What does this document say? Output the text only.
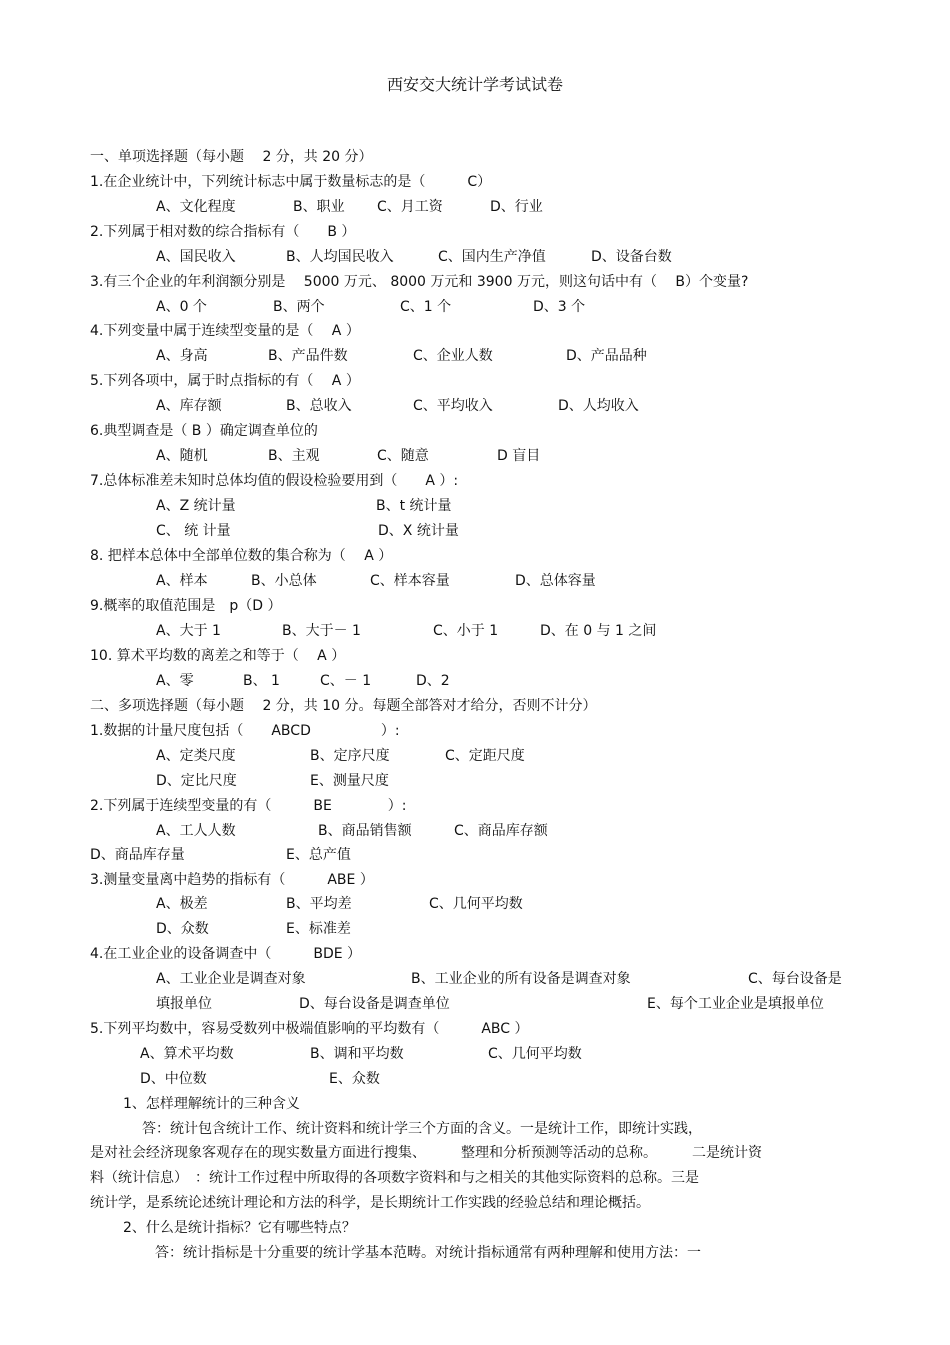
西安交大统计学考试试卷
一、单项选择题（每小题　 2 分，共 20 分）
1.在企业统计中，下列统计标志中属于数量标志的是（　　　C）
A、文化程度	B、职业 C、月工资	D、行业
2.下列属于相对数的综合指标有（　　B ）
A、国民收入	B、人均国民收入	C、国内生产净值	D、设备台数
3.有三个企业的年利润额分别是　 5000 万元、 8000 万元和 3900 万元，则这句话中有（　 B）个变量?
A、0 个	B、两个	C、1 个	D、3 个
4.下列变量中属于连续型变量的是（　 A ）
A、身高	B、产品件数	C、企业人数	D、产品品种
5.下列各项中，属于时点指标的有（　 A ）
A、库存额	B、总收入	C、平均收入	D、人均收入
6.典型调查是（ B ）确定调查单位的
A、随机	B、主观	C、随意	D 盲目
7.总体标准差未知时总体均值的假设检验要用到（　　A ）:
A、Z 统计量	B、t 统计量
C、 统 计量	D、X 统计量
8. 把样本总体中全部单位数的集合称为（　 A ）
A、样本	B、小总体	C、样本容量	D、总体容量
9.概率的取值范围是　p（D ）
A、大于 1	B、大于－ 1	C、小于 1	D、在 0 与 1 之间
10. 算术平均数的离差之和等于（　 A ）
A、零	B、 1	C、－ 1	D、2
二、多项选择题（每小题　 2 分，共 10 分。每题全部答对才给分，否则不计分）
1.数据的计量尺度包括（　　ABCD　　　　　）:
A、定类尺度	B、定序尺度	C、定距尺度
D、定比尺度	E、测量尺度
2.下列属于连续型变量的有（　　　BE　　　　）:
A、工人人数	B、商品销售额	C、商品库存额
D、商品库存量	E、总产值
3.测量变量离中趋势的指标有（　　　ABE ）
A、极差	B、平均差	C、几何平均数
D、众数	E、标准差
4.在工业企业的设备调查中（　　　BDE ）
A、工业企业是调查对象	B、工业企业的所有设备是调查对象	C、每台设备是
填报单位	D、每台设备是调查单位	E、每个工业企业是填报单位
5.下列平均数中，容易受数列中极端值影响的平均数有（　　　ABC ）
A、算术平均数	B、调和平均数	C、几何平均数
D、中位数	E、众数
1、怎样理解统计的三种含义
答：统计包含统计工作、统计资料和统计学三个方面的含义。一是统计工作，即统计实践，
是对社会经济现象客观存在的现实数量方面进行搜集、　　　整理和分析预测等活动的总称。　　　二是统计资
料（统计信息）　：统计工作过程中所取得的各项数字资料和与之相关的其他实际资料的总称。三是
统计学，是系统论述统计理论和方法的科学，是长期统计工作实践的经验总结和理论概括。
2、什么是统计指标？它有哪些特点？
答：统计指标是十分重要的统计学基本范畴。对统计指标通常有两种理解和使用方法：一
